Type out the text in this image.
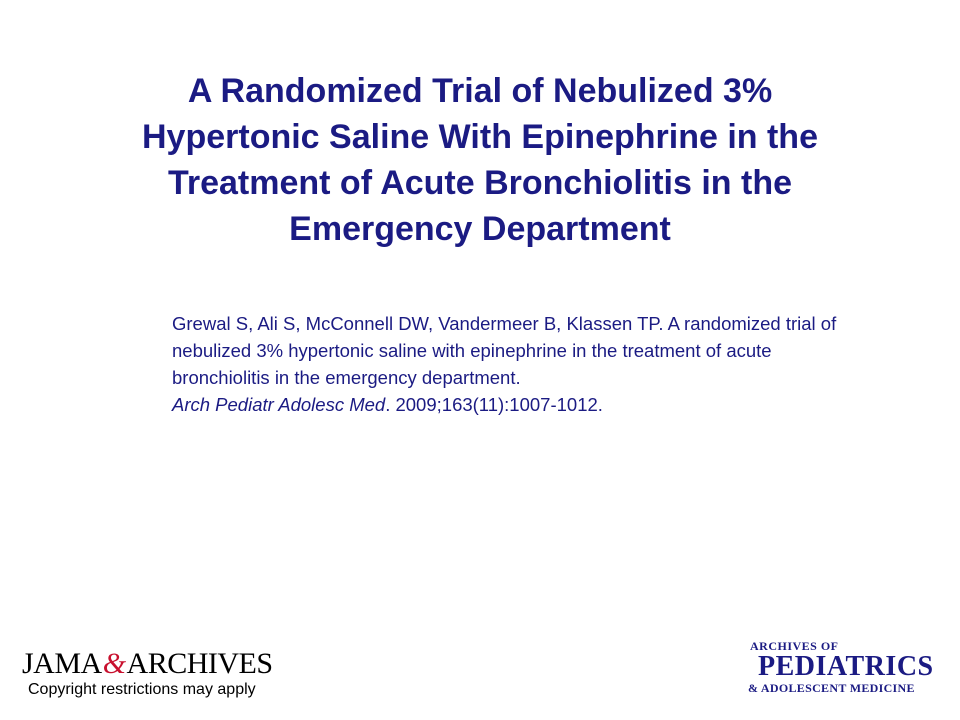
A Randomized Trial of Nebulized 3% Hypertonic Saline With Epinephrine in the Treatment of Acute Bronchiolitis in the Emergency Department
Grewal S, Ali S, McConnell DW, Vandermeer B, Klassen TP. A randomized trial of nebulized 3% hypertonic saline with epinephrine in the treatment of acute bronchiolitis in the emergency department.
Arch Pediatr Adolesc Med. 2009;163(11):1007-1012.
JAMA&ARCHIVES
Copyright restrictions may apply
ARCHIVES OF
PEDIATRICS
& ADOLESCENT MEDICINE
